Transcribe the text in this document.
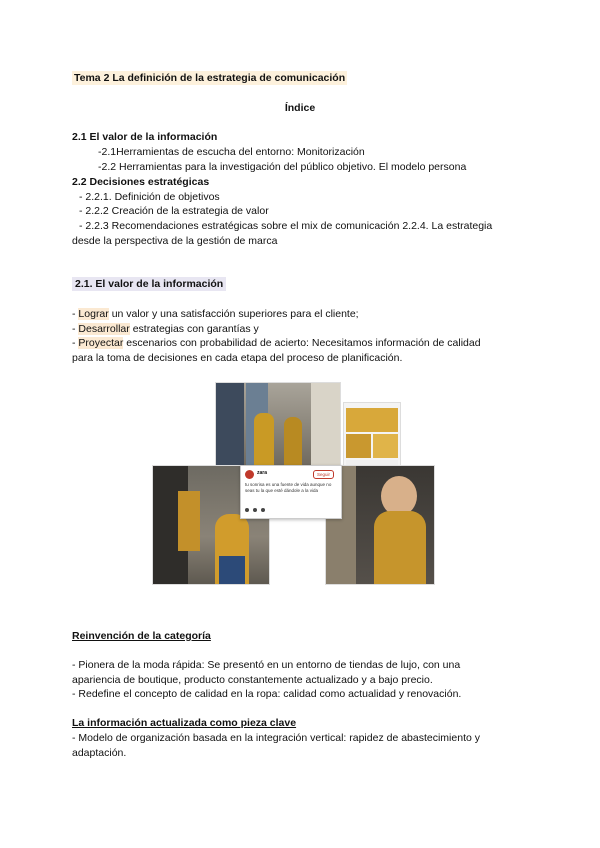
Tema 2 La definición de la estrategia de comunicación
Índice
2.1 El valor de la información
-2.1Herramientas de escucha del entorno: Monitorización
-2.2 Herramientas para la investigación del público objetivo. El modelo persona
2.2 Decisiones estratégicas
- 2.2.1. Definición de objetivos
- 2.2.2 Creación de la estrategia de valor
- 2.2.3 Recomendaciones estratégicas sobre el mix de comunicación 2.2.4. La estrategia
desde la perspectiva de la gestión de marca
2.1. El valor de la información
- Lograr un valor y una satisfacción superiores para el cliente;
- Desarrollar estrategias con garantías y
- Proyectar escenarios con probabilidad de acierto: Necesitamos información de calidad
para la toma de decisiones en cada etapa del proceso de planificación.
zara	Seguir
tu sonrisa es una fuente de vida aunque no seas tu la que esté dándole a la vida
Reinvención de la categoría
- Pionera de la moda rápida: Se presentó en un entorno de tiendas de lujo, con una
apariencia de boutique, producto constantemente actualizado y a bajo precio.
- Redefine el concepto de calidad en la ropa: calidad como actualidad y renovación.
La información actualizada como pieza clave
- Modelo de organización basada en la integración vertical: rapidez de abastecimiento y
adaptación.
